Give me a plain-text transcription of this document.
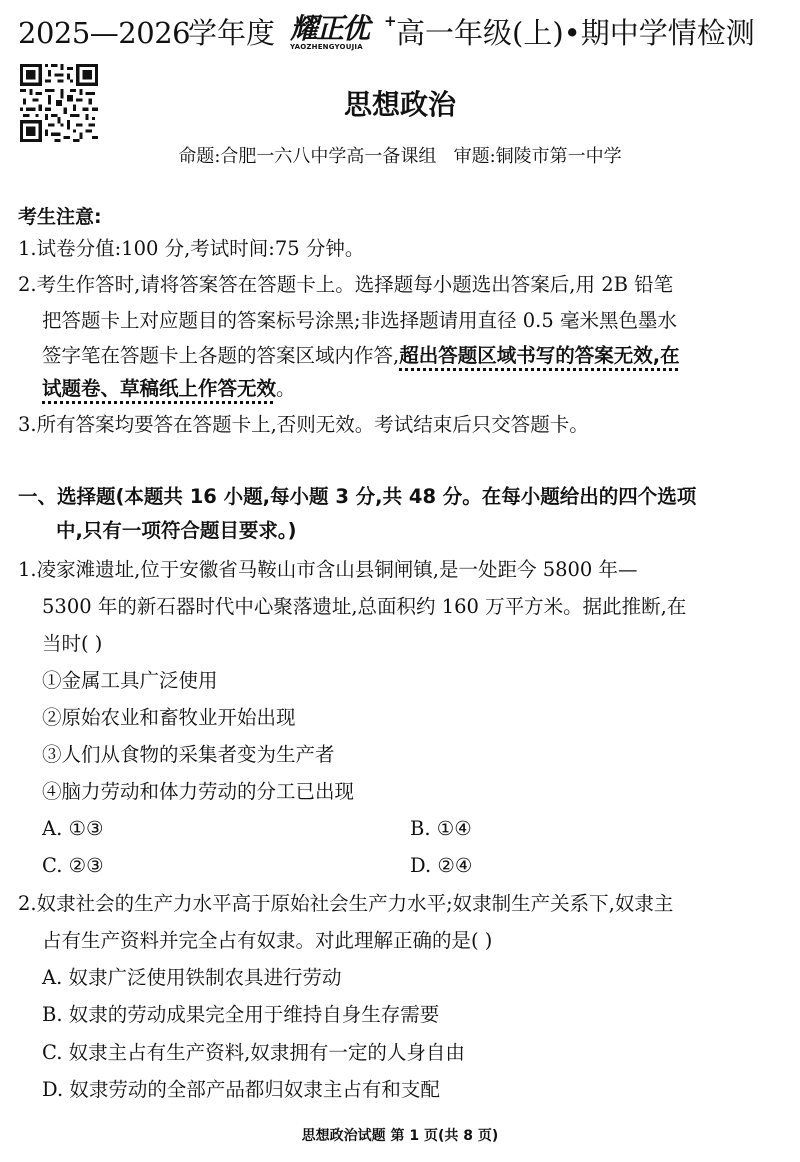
2025—2026
学年度 耀正优 +
YAOZHENGYOUJIA 高一年级(上)•期中学情检测
思想政治
命题:合肥一六八中学高一备课组   审题:铜陵市第一中学
考生注意:
1.试卷分值:100 分,考试时间:75 分钟。
2.考生作答时,请将答案答在答题卡上。选择题每小题选出答案后,用 2B 铅笔
把答题卡上对应题目的答案标号涂黑;非选择题请用直径 0.5 毫米黑色墨水
签字笔在答题卡上各题的答案区域内作答,超出答题区域书写的答案无效,在
试题卷、草稿纸上作答无效。
3.所有答案均要答在答题卡上,否则无效。考试结束后只交答题卡。
一、选择题(本题共 16 小题,每小题 3 分,共 48 分。在每小题给出的四个选项
中,只有一项符合题目要求。)
1.凌家滩遗址,位于安徽省马鞍山市含山县铜闸镇,是一处距今 5800 年—
5300 年的新石器时代中心聚落遗址,总面积约 160 万平方米。据此推断,在
当时( )
①金属工具广泛使用
②原始农业和畜牧业开始出现
③人们从食物的采集者变为生产者
④脑力劳动和体力劳动的分工已出现
A. ①③	B. ①④
C. ②③	D. ②④
2.奴隶社会的生产力水平高于原始社会生产力水平;奴隶制生产关系下,奴隶主
占有生产资料并完全占有奴隶。对此理解正确的是( )
A. 奴隶广泛使用铁制农具进行劳动
B. 奴隶的劳动成果完全用于维持自身生存需要
C. 奴隶主占有生产资料,奴隶拥有一定的人身自由
D. 奴隶劳动的全部产品都归奴隶主占有和支配
思想政治试题 第 1 页(共 8 页)
